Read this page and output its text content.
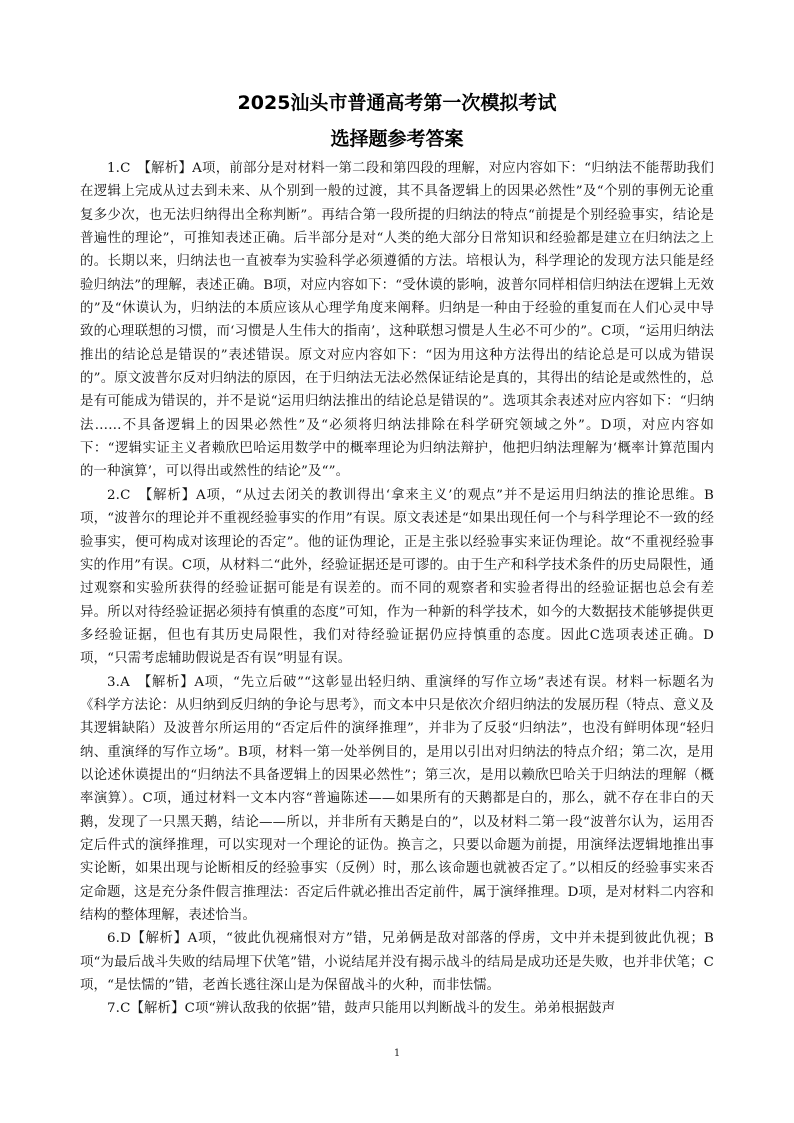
2025汕头市普通高考第一次模拟考试
选择题参考答案

1.C　【解析】A项，前部分是对材料一第二段和第四段的理解，对应内容如下：“归纳法不能帮助我们在逻辑上完成从过去到未来、从个别到一般的过渡，其不具备逻辑上的因果必然性”及“个别的事例无论重复多少次，也无法归纳得出全称判断”。再结合第一段所提的归纳法的特点“前提是个别经验事实，结论是普遍性的理论”，可推知表述正确。后半部分是对“人类的绝大部分日常知识和经验都是建立在归纳法之上的。长期以来，归纳法也一直被奉为实验科学必须遵循的方法。培根认为，科学理论的发现方法只能是经验归纳法”的理解，表述正确。B项，对应内容如下：“受休谟的影响，波普尔同样相信归纳法在逻辑上无效的”及“休谟认为，归纳法的本质应该从心理学角度来阐释。归纳是一种由于经验的重复而在人们心灵中导致的心理联想的习惯，而‘习惯是人生伟大的指南’，这种联想习惯是人生必不可少的”。C项，“运用归纳法推出的结论总是错误的”表述错误。原文对应内容如下：“因为用这种方法得出的结论总是可以成为错误的”。原文波普尔反对归纳法的原因，在于归纳法无法必然保证结论是真的，其得出的结论是或然性的，总是有可能成为错误的，并不是说“运用归纳法推出的结论总是错误的”。选项其余表述对应内容如下：“归纳法……不具备逻辑上的因果必然性”及“必须将归纳法排除在科学研究领域之外”。D项，对应内容如下：“逻辑实证主义者赖欣巴哈运用数学中的概率理论为归纳法辩护，他把归纳法理解为‘概率计算范围内的一种演算’，可以得出或然性的结论”及“”。

2.C　【解析】A项，“从过去闭关的教训得出‘拿来主义’的观点”并不是运用归纳法的推论思维。B项，“波普尔的理论并不重视经验事实的作用”有误。原文表述是“如果出现任何一个与科学理论不一致的经验事实，便可构成对该理论的否定”。他的证伪理论，正是主张以经验事实来证伪理论。故“不重视经验事实的作用”有误。C项，从材料二“此外，经验证据还是可谬的。由于生产和科学技术条件的历史局限性，通过观察和实验所获得的经验证据可能是有误差的。而不同的观察者和实验者得出的经验证据也总会有差异。所以对待经验证据必须持有慎重的态度”可知，作为一种新的科学技术，如今的大数据技术能够提供更多经验证据，但也有其历史局限性，我们对待经验证据仍应持慎重的态度。因此C选项表述正确。D项，“只需考虑辅助假说是否有误”明显有误。

3.A　【解析】A项，“先立后破”“这彰显出轻归纳、重演绎的写作立场”表述有误。材料一标题名为《科学方法论：从归纳到反归纳的争论与思考》，而文本中只是依次介绍归纳法的发展历程（特点、意义及其逻辑缺陷）及波普尔所运用的“否定后件的演绎推理”，并非为了反驳“归纳法”，也没有鲜明体现“轻归纳、重演绎的写作立场”。B项，材料一第一处举例目的，是用以引出对归纳法的特点介绍；第二次，是用以论述休谟提出的“归纳法不具备逻辑上的因果必然性”；第三次，是用以赖欣巴哈关于归纳法的理解（概率演算）。C项，通过材料一文本内容“普遍陈述——如果所有的天鹅都是白的，那么，就不存在非白的天鹅，发现了一只黑天鹅，结论——所以，并非所有天鹅是白的”，以及材料二第一段“波普尔认为，运用否定后件式的演绎推理，可以实现对一个理论的证伪。换言之，只要以命题为前提，用演绎法逻辑地推出事实论断，如果出现与论断相反的经验事实（反例）时，那么该命题也就被否定了。”以相反的经验事实来否定命题，这是充分条件假言推理法：否定后件就必推出否定前件，属于演绎推理。D项，是对材料二内容和结构的整体理解，表述恰当。

6.D【解析】A项，“彼此仇视痛恨对方”错，兄弟俩是敌对部落的俘虏，文中并未提到彼此仇视；B项“为最后战斗失败的结局埋下伏笔”错，小说结尾并没有揭示战斗的结局是成功还是失败，也并非伏笔；C项，“是怯懦的”错，老酋长逃往深山是为保留战斗的火种，而非怯懦。

7.C【解析】C项“辨认敌我的依据”错，鼓声只能用以判断战斗的发生。弟弟根据鼓声

1
